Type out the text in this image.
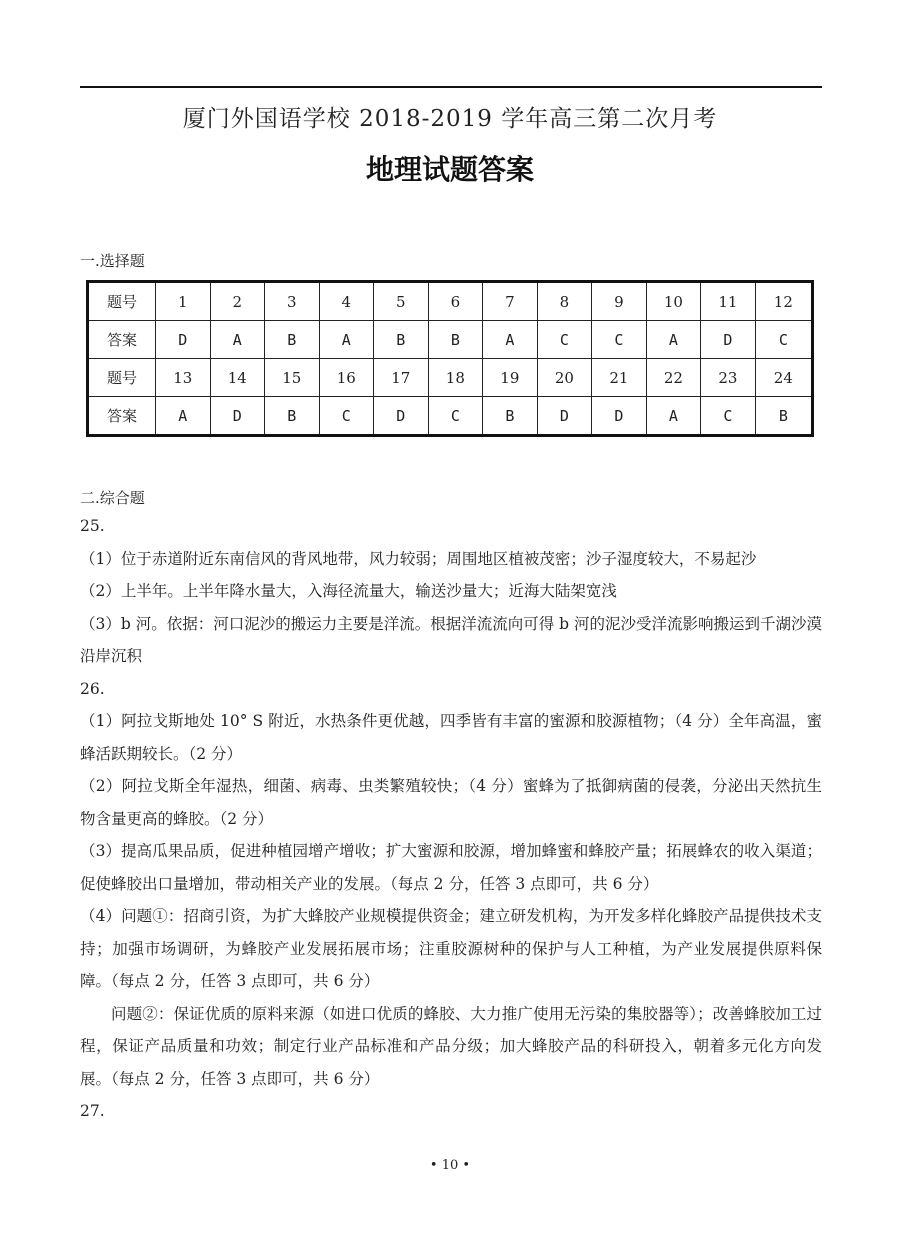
厦门外国语学校 2018-2019 学年高三第二次月考
地理试题答案
一.选择题
题号	1	2	3	4	5	6	7	8	9	10	11	12
答案	D	A	B	A	B	B	A	C	C	A	D	C
题号	13	14	15	16	17	18	19	20	21	22	23	24
答案	A	D	B	C	D	C	B	D	D	A	C	B
二.综合题

25.

（1）位于赤道附近东南信风的背风地带，风力较弱；周围地区植被茂密；沙子湿度较大，不易起沙

（2）上半年。上半年降水量大，入海径流量大，输送沙量大；近海大陆架宽浅

（3）b 河。依据：河口泥沙的搬运力主要是洋流。根据洋流流向可得 b 河的泥沙受洋流影响搬运到千湖沙漠沿岸沉积

26.

（1）阿拉戈斯地处 10° S 附近，水热条件更优越，四季皆有丰富的蜜源和胶源植物；（4 分）全年高温，蜜蜂活跃期较长。（2 分）

（2）阿拉戈斯全年湿热，细菌、病毒、虫类繁殖较快；（4 分）蜜蜂为了抵御病菌的侵袭，分泌出天然抗生物含量更高的蜂胶。（2 分）

（3）提高瓜果品质，促进种植园增产增收；扩大蜜源和胶源，增加蜂蜜和蜂胶产量；拓展蜂农的收入渠道；促使蜂胶出口量增加，带动相关产业的发展。（每点 2 分，任答 3 点即可，共 6 分）

（4）问题①：招商引资，为扩大蜂胶产业规模提供资金；建立研发机构，为开发多样化蜂胶产品提供技术支持；加强市场调研，为蜂胶产业发展拓展市场；注重胶源树种的保护与人工种植，为产业发展提供原料保障。（每点 2 分，任答 3 点即可，共 6 分）

问题②：保证优质的原料来源（如进口优质的蜂胶、大力推广使用无污染的集胶器等）；改善蜂胶加工过程，保证产品质量和功效；制定行业产品标准和产品分级；加大蜂胶产品的科研投入，朝着多元化方向发展。（每点 2 分，任答 3 点即可，共 6 分）

27.

• 10 •
